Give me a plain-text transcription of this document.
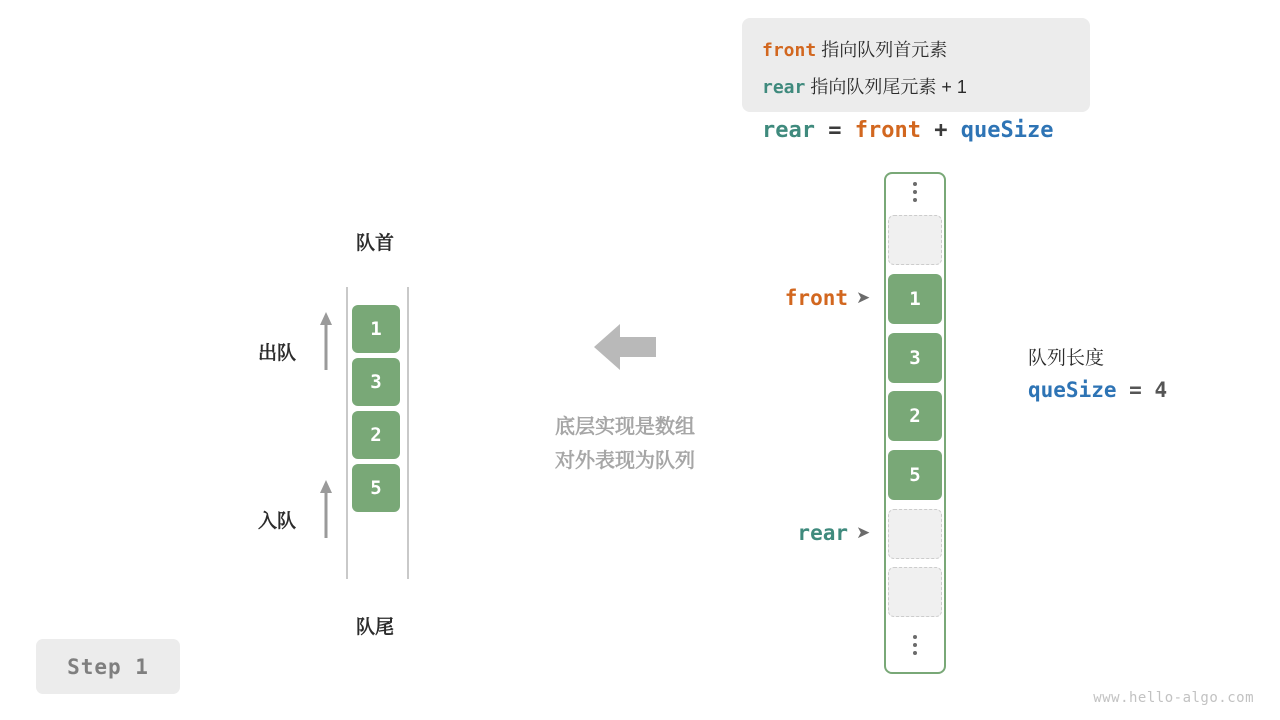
Step 1
队首
队尾
1
3
2
5
出队
入队
底层实现是数组
对外表现为队列
front 指向队列首元素
rear 指向队列尾元素 + 1
rear = front + queSize
1
3
2
5
front ➤
rear ➤
队列长度
queSize = 4
www.hello-algo.com
